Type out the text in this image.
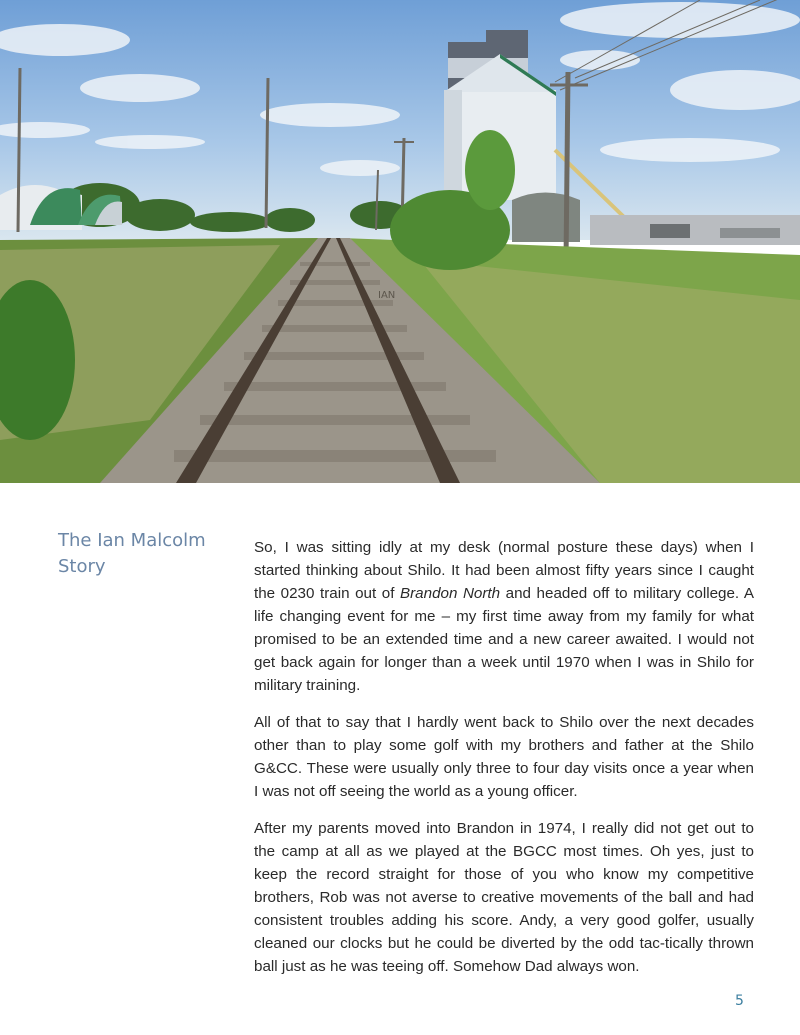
IAN
The Ian Malcolm Story

So, I was sitting idly at my desk (normal posture these days) when I started thinking about Shilo. It had been almost fifty years since I caught the 0230 train out of Brandon North and headed off to military college. A life changing event for me – my first time away from my family for what promised to be an extended time and a new career awaited. I would not get back again for longer than a week until 1970 when I was in Shilo for military training.

All of that to say that I hardly went back to Shilo over the next decades other than to play some golf with my brothers and father at the Shilo G&CC. These were usually only three to four day visits once a year when I was not off seeing the world as a young officer.

After my parents moved into Brandon in 1974, I really did not get out to the camp at all as we played at the BGCC most times. Oh yes, just to keep the record straight for those of you who know my competitive brothers, Rob was not averse to creative movements of the ball and had consistent troubles adding his score. Andy, a very good golfer, usually cleaned our clocks but he could be diverted by the odd tac-tically thrown ball just as he was teeing off. Somehow Dad always won.

5
